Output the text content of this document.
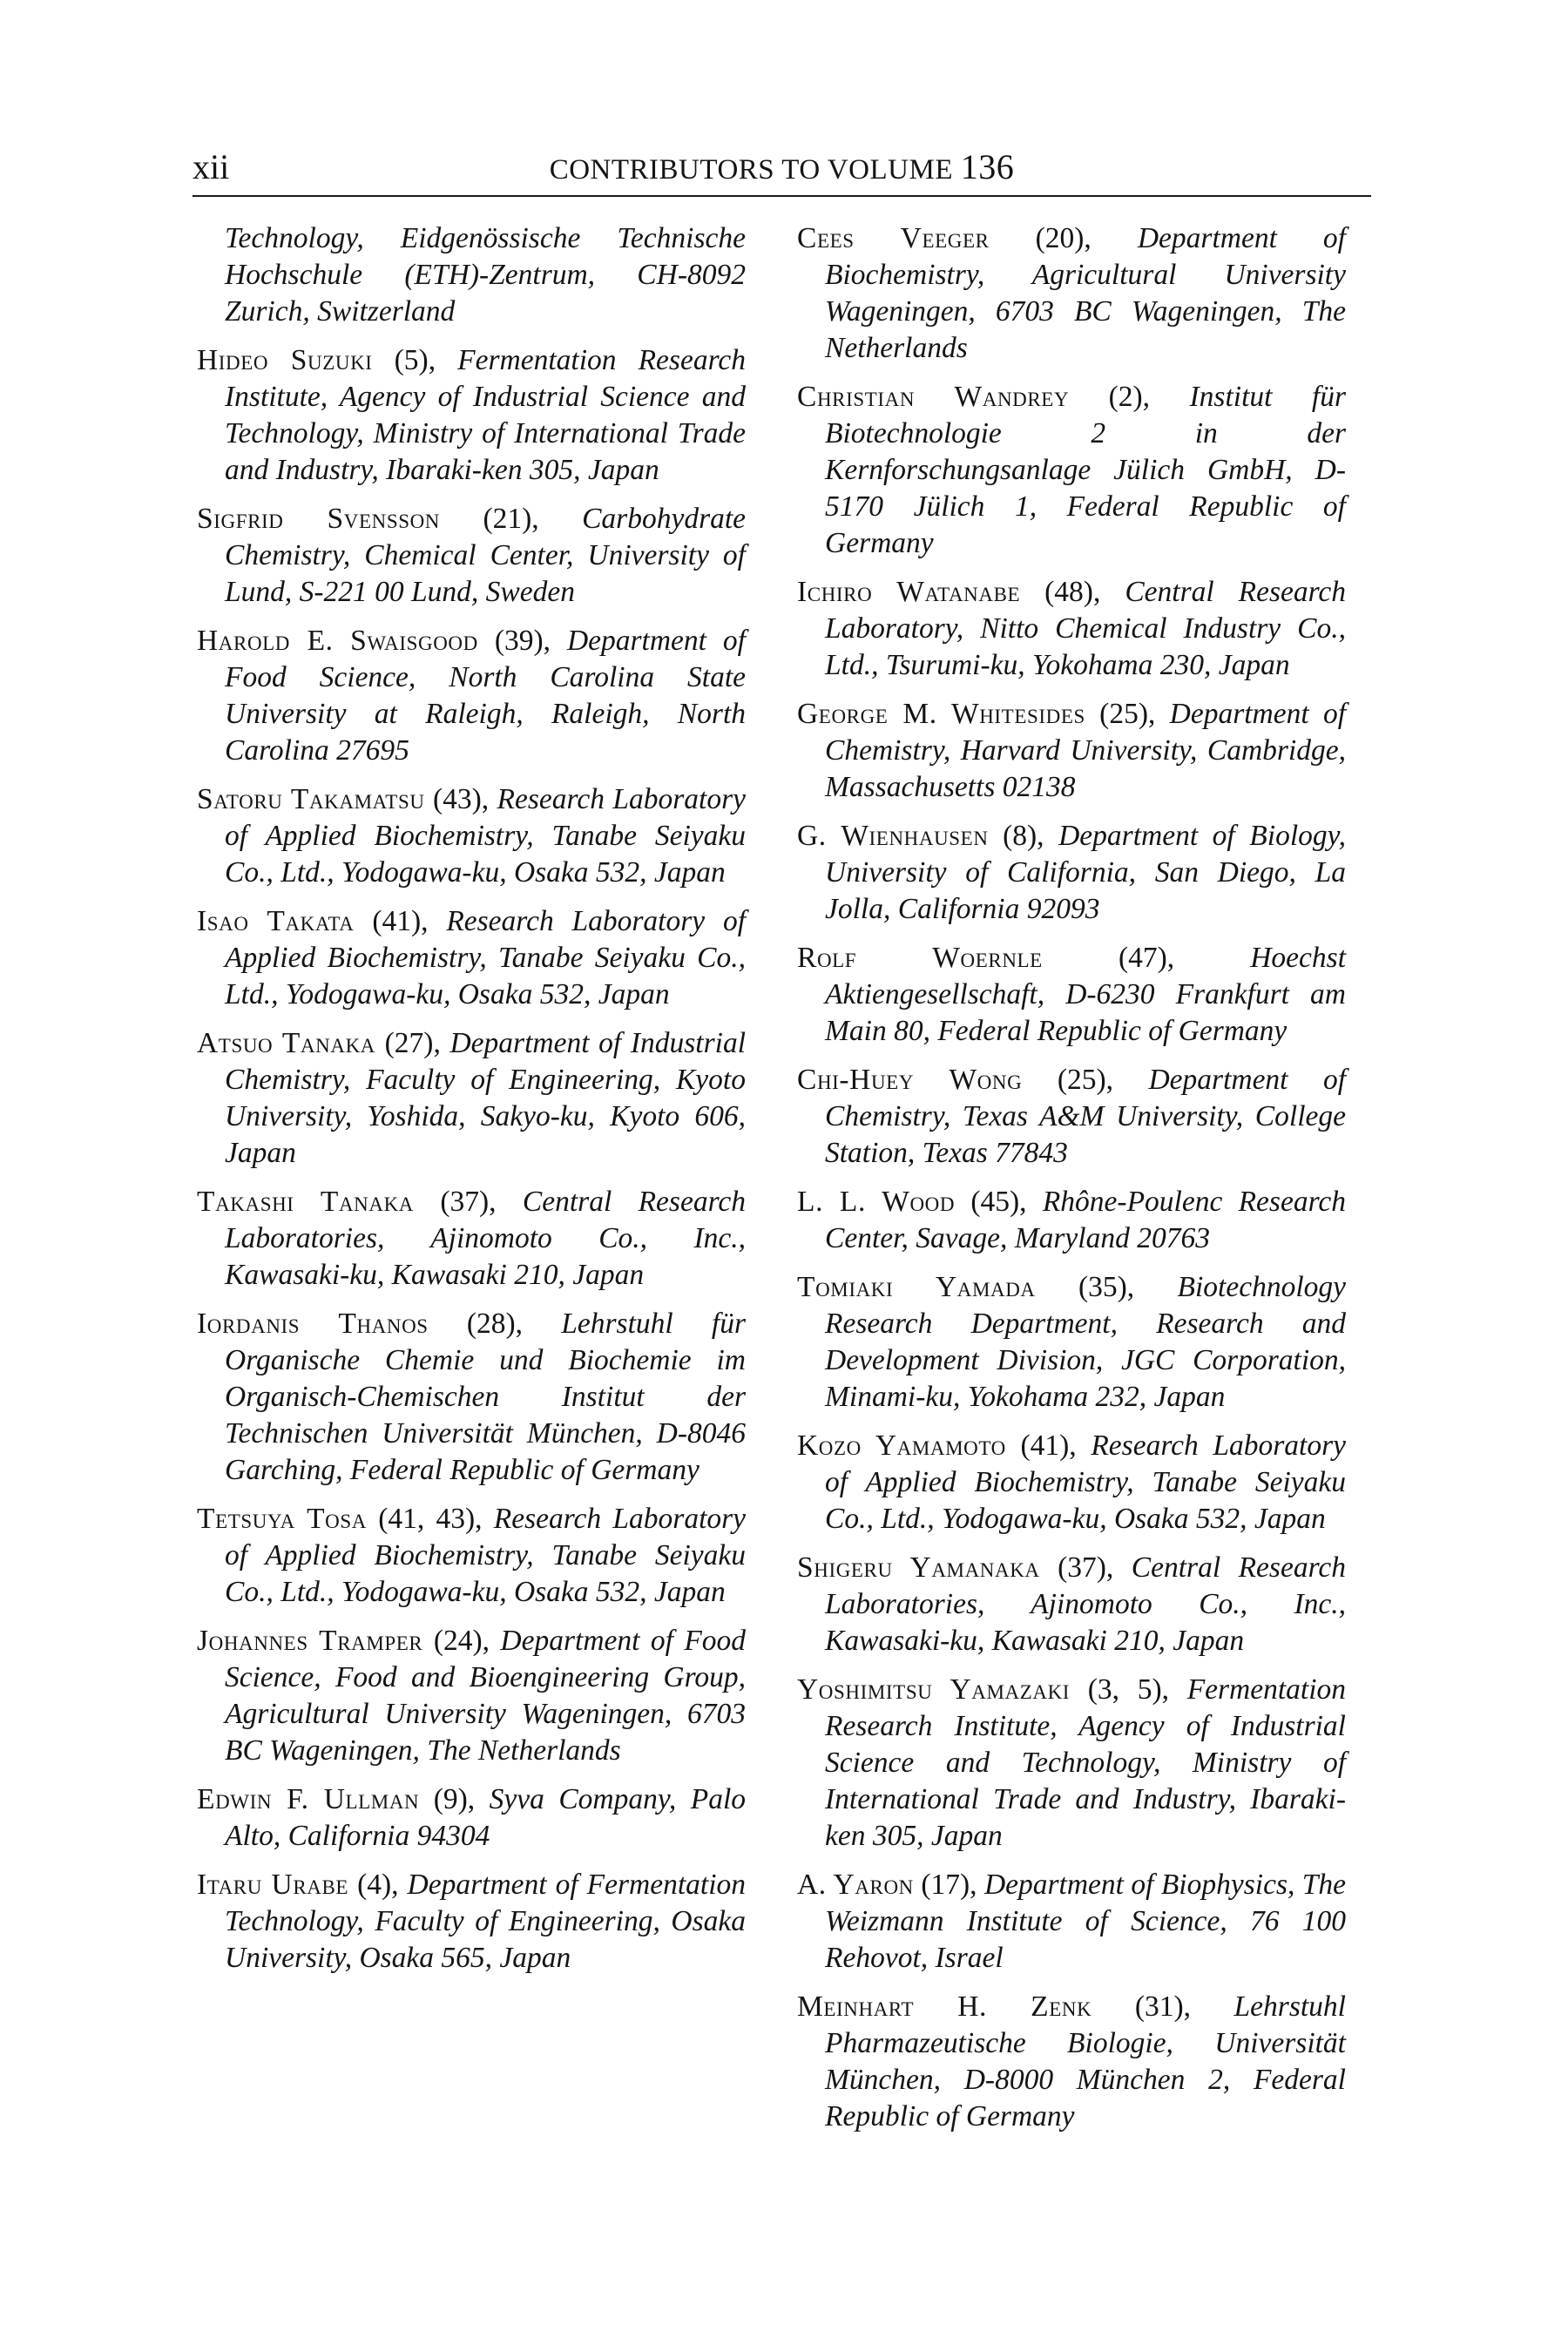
xii	CONTRIBUTORS TO VOLUME 136

Technology, Eidgenössische Technische Hochschule (ETH)-Zentrum, CH-8092 Zurich, Switzerland

Hideo Suzuki (5), Fermentation Research Institute, Agency of Industrial Science and Technology, Ministry of International Trade and Industry, Ibaraki-ken 305, Japan

Sigfrid Svensson (21), Carbohydrate Chemistry, Chemical Center, University of Lund, S-221 00 Lund, Sweden

Harold E. Swaisgood (39), Department of Food Science, North Carolina State University at Raleigh, Raleigh, North Carolina 27695

Satoru Takamatsu (43), Research Laboratory of Applied Biochemistry, Tanabe Seiyaku Co., Ltd., Yodogawa-ku, Osaka 532, Japan

Isao Takata (41), Research Laboratory of Applied Biochemistry, Tanabe Seiyaku Co., Ltd., Yodogawa-ku, Osaka 532, Japan

Atsuo Tanaka (27), Department of Industrial Chemistry, Faculty of Engineering, Kyoto University, Yoshida, Sakyo-ku, Kyoto 606, Japan

Takashi Tanaka (37), Central Research Laboratories, Ajinomoto Co., Inc., Kawasaki-ku, Kawasaki 210, Japan

Iordanis Thanos (28), Lehrstuhl für Organische Chemie und Biochemie im Organisch-Chemischen Institut der Technischen Universität München, D-8046 Garching, Federal Republic of Germany

Tetsuya Tosa (41, 43), Research Laboratory of Applied Biochemistry, Tanabe Seiyaku Co., Ltd., Yodogawa-ku, Osaka 532, Japan

Johannes Tramper (24), Department of Food Science, Food and Bioengineering Group, Agricultural University Wageningen, 6703 BC Wageningen, The Netherlands

Edwin F. Ullman (9), Syva Company, Palo Alto, California 94304

Itaru Urabe (4), Department of Fermentation Technology, Faculty of Engineering, Osaka University, Osaka 565, Japan

Cees Veeger (20), Department of Biochemistry, Agricultural University Wageningen, 6703 BC Wageningen, The Netherlands

Christian Wandrey (2), Institut für Biotechnologie 2 in der Kernforschungsanlage Jülich GmbH, D-5170 Jülich 1, Federal Republic of Germany

Ichiro Watanabe (48), Central Research Laboratory, Nitto Chemical Industry Co., Ltd., Tsurumi-ku, Yokohama 230, Japan

George M. Whitesides (25), Department of Chemistry, Harvard University, Cambridge, Massachusetts 02138

G. Wienhausen (8), Department of Biology, University of California, San Diego, La Jolla, California 92093

Rolf Woernle	(47),	Hoechst Aktiengesellschaft, D-6230 Frankfurt am Main 80, Federal Republic of Germany

Chi-Huey Wong (25), Department of Chemistry, Texas A&M University, College Station, Texas 77843

L. L. Wood (45), Rhône-Poulenc Research Center, Savage, Maryland 20763

Tomiaki Yamada (35), Biotechnology Research Department, Research and Development Division, JGC Corporation, Minami-ku, Yokohama 232, Japan

Kozo Yamamoto (41), Research Laboratory of Applied Biochemistry, Tanabe Seiyaku Co., Ltd., Yodogawa-ku, Osaka 532, Japan

Shigeru Yamanaka (37), Central Research Laboratories, Ajinomoto Co., Inc., Kawasaki-ku, Kawasaki 210, Japan

Yoshimitsu Yamazaki (3, 5), Fermentation Research Institute, Agency of Industrial Science and Technology, Ministry of International Trade and Industry, Ibaraki-ken 305, Japan

A. Yaron (17), Department of Biophysics, The Weizmann Institute of Science, 76 100 Rehovot, Israel

Meinhart H. Zenk (31), Lehrstuhl Pharmazeutische Biologie, Universität München, D-8000 München 2, Federal Republic of Germany
